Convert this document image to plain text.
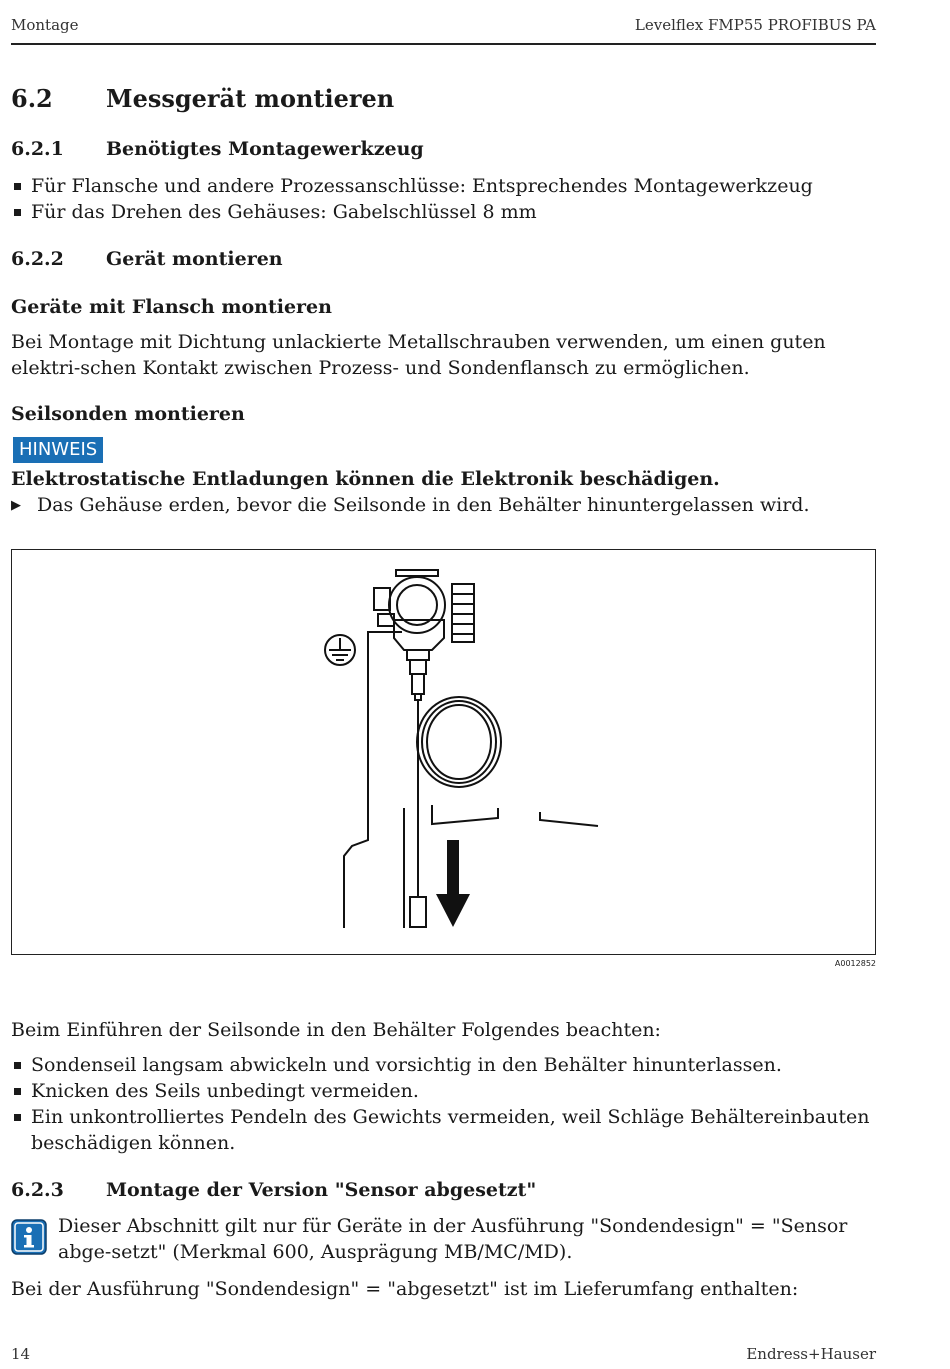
Montage	Levelflex FMP55 PROFIBUS PA
6.2 Messgerät montieren
6.2.1 Benötigtes Montagewerkzeug
Für Flansche und andere Prozessanschlüsse: Entsprechendes Montagewerkzeug
Für das Drehen des Gehäuses: Gabelschlüssel 8 mm
6.2.2 Gerät montieren
Geräte mit Flansch montieren
Bei Montage mit Dichtung unlackierte Metallschrauben verwenden, um einen guten elektri-schen Kontakt zwischen Prozess- und Sondenflansch zu ermöglichen.
Seilsonden montieren
HINWEIS
Elektrostatische Entladungen können die Elektronik beschädigen.
▶ Das Gehäuse erden, bevor die Seilsonde in den Behälter hinuntergelassen wird.
A0012852
Beim Einführen der Seilsonde in den Behälter Folgendes beachten:
Sondenseil langsam abwickeln und vorsichtig in den Behälter hinunterlassen.
Knicken des Seils unbedingt vermeiden.
Ein unkontrolliertes Pendeln des Gewichts vermeiden, weil Schläge Behältereinbauten beschädigen können.
6.2.3 Montage der Version "Sensor abgesetzt"
Dieser Abschnitt gilt nur für Geräte in der Ausführung "Sondendesign" = "Sensor abge-setzt" (Merkmal 600, Ausprägung MB/MC/MD).
Bei der Ausführung "Sondendesign" = "abgesetzt" ist im Lieferumfang enthalten:
14	Endress+Hauser
